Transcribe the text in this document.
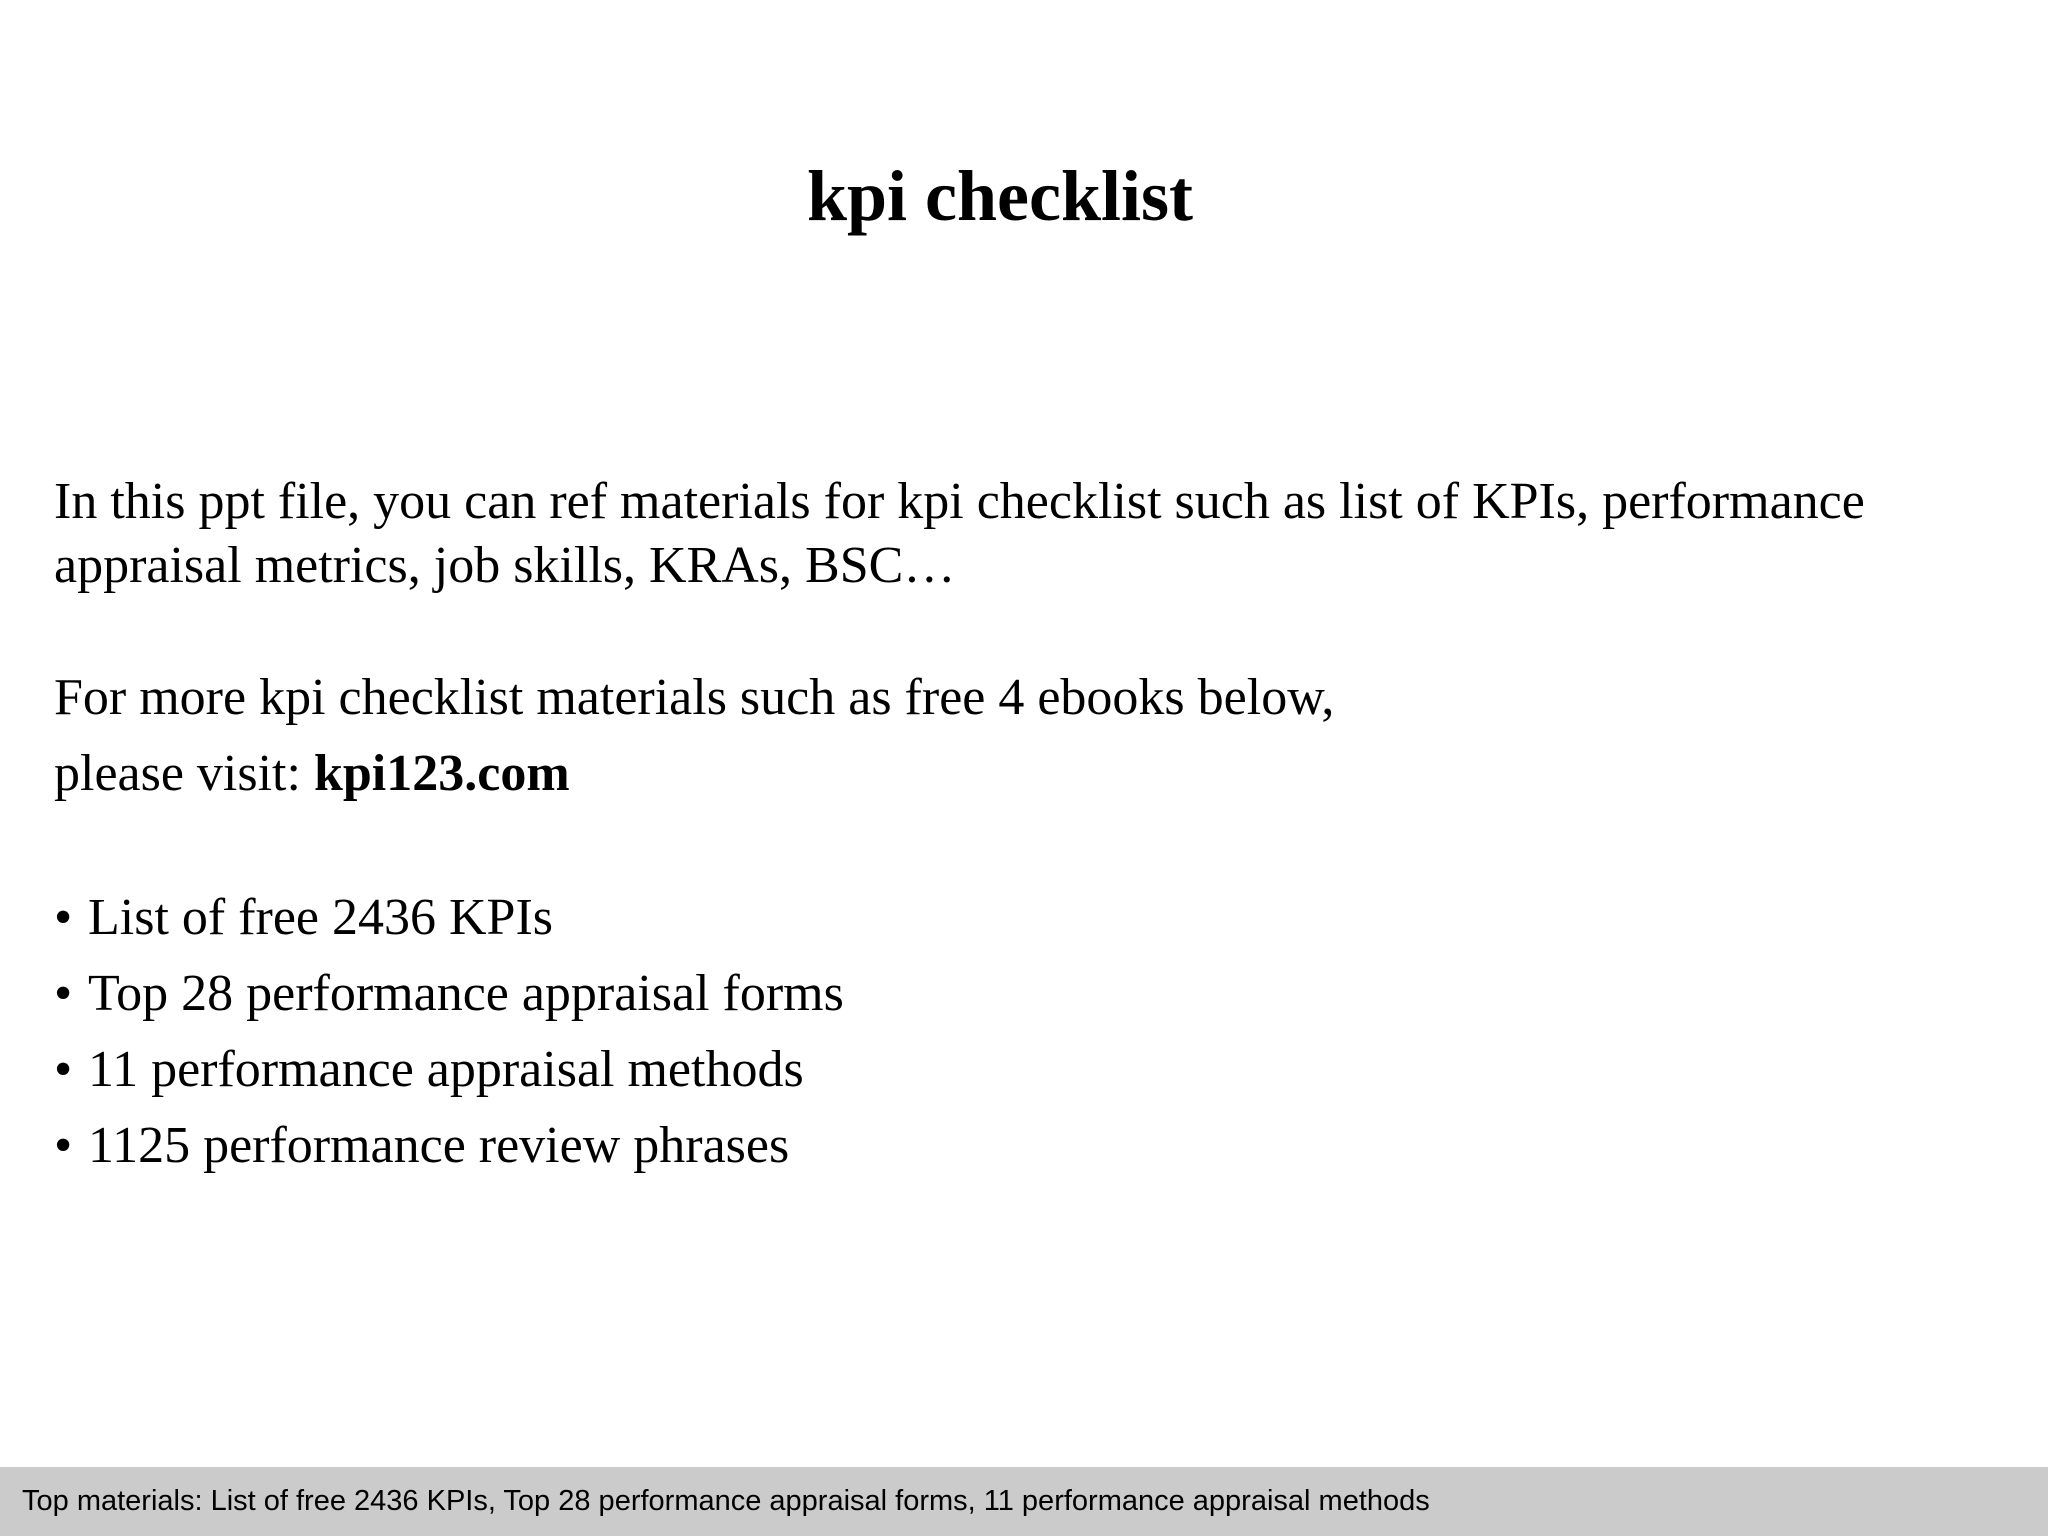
kpi checklist

In this ppt file, you can ref materials for kpi checklist such as list of KPIs, performance appraisal metrics, job skills, KRAs, BSC…

For more kpi checklist materials such as free 4 ebooks below,
please visit: kpi123.com

• List of free 2436 KPIs
• Top 28 performance appraisal forms
• 11 performance appraisal methods
• 1125 performance review phrases
Top materials: List of free 2436 KPIs, Top 28 performance appraisal forms, 11 performance appraisal methods
